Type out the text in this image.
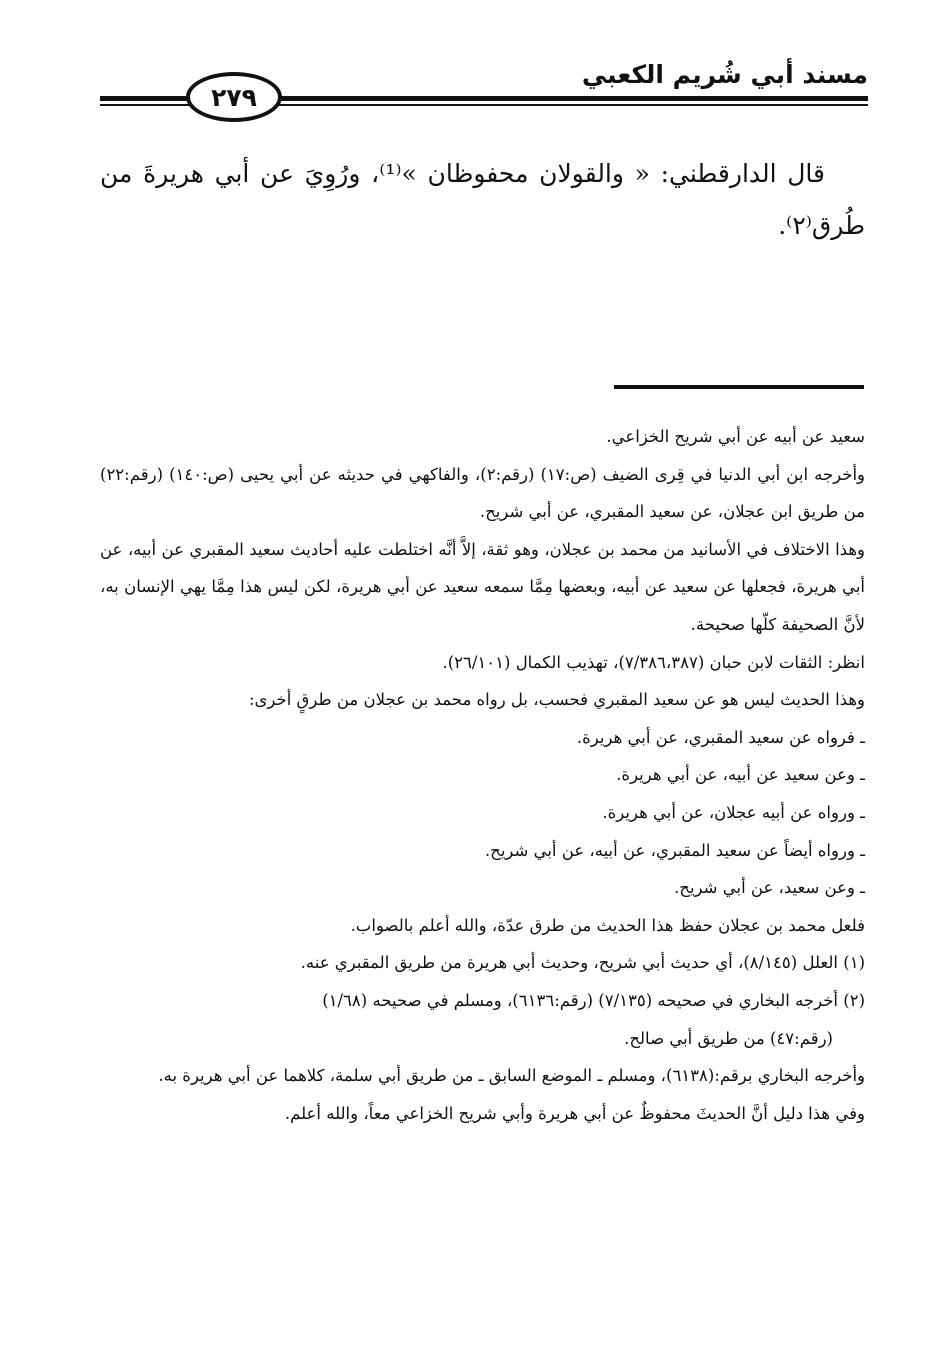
٢٧٩
مسند أبي شُريم الكعبي

قال الدارقطني: « والقولان محفوظان »⁽¹⁾، ورُوِيَ عن أبي هريرةَ من طُرق⁽٢⁾.

سعيد عن أبيه عن أبي شريح الخزاعي.

وأخرجه ابن أبي الدنيا في قِرى الضيف (ص:١٧) (رقم:٢)، والفاكهي في حديثه عن أبي يحيى (ص:١٤٠) (رقم:٢٢) من طريق ابن عجلان، عن سعيد المقبري، عن أبي شريح.

وهذا الاختلاف في الأسانيد من محمد بن عجلان، وهو ثقة، إلاَّ أنَّه اختلطت عليه أحاديث سعيد المقبري عن أبيه، عن أبي هريرة، فجعلها عن سعيد عن أبيه، وبعضها مِمَّا سمعه سعيد عن أبي هريرة، لكن ليس هذا مِمَّا يهي الإنسان به، لأنَّ الصحيفة كلّها صحيحة.

انظر: الثقات لابن حبان (٧/٣٨٦،٣٨٧)، تهذيب الكمال (٢٦/١٠١).

وهذا الحديث ليس هو عن سعيد المقبري فحسب، بل رواه محمد بن عجلان من طرقٍ أخرى:

ـ فرواه عن سعيد المقبري، عن أبي هريرة.

ـ وعن سعيد عن أبيه، عن أبي هريرة.

ـ ورواه عن أبيه عجلان، عن أبي هريرة.

ـ ورواه أيضاً عن سعيد المقبري، عن أبيه، عن أبي شريح.

ـ وعن سعيد، عن أبي شريح.

فلعل محمد بن عجلان حفظ هذا الحديث من طرق عدّة، والله أعلم بالصواب.

(١) العلل (٨/١٤٥)، أي حديث أبي شريح، وحديث أبي هريرة من طريق المقبري عنه.

(٢) أخرجه البخاري في صحيحه (٧/١٣٥) (رقم:٦١٣٦)، ومسلم في صحيحه (١/٦٨)

(رقم:٤٧) من طريق أبي صالح.

وأخرجه البخاري برقم:(٦١٣٨)، ومسلم ـ الموضع السابق ـ من طريق أبي سلمة، كلاهما عن أبي هريرة به.

وفي هذا دليل أنَّ الحديثَ محفوظٌ عن أبي هريرة وأبي شريح الخزاعي معاً، والله أعلم.
